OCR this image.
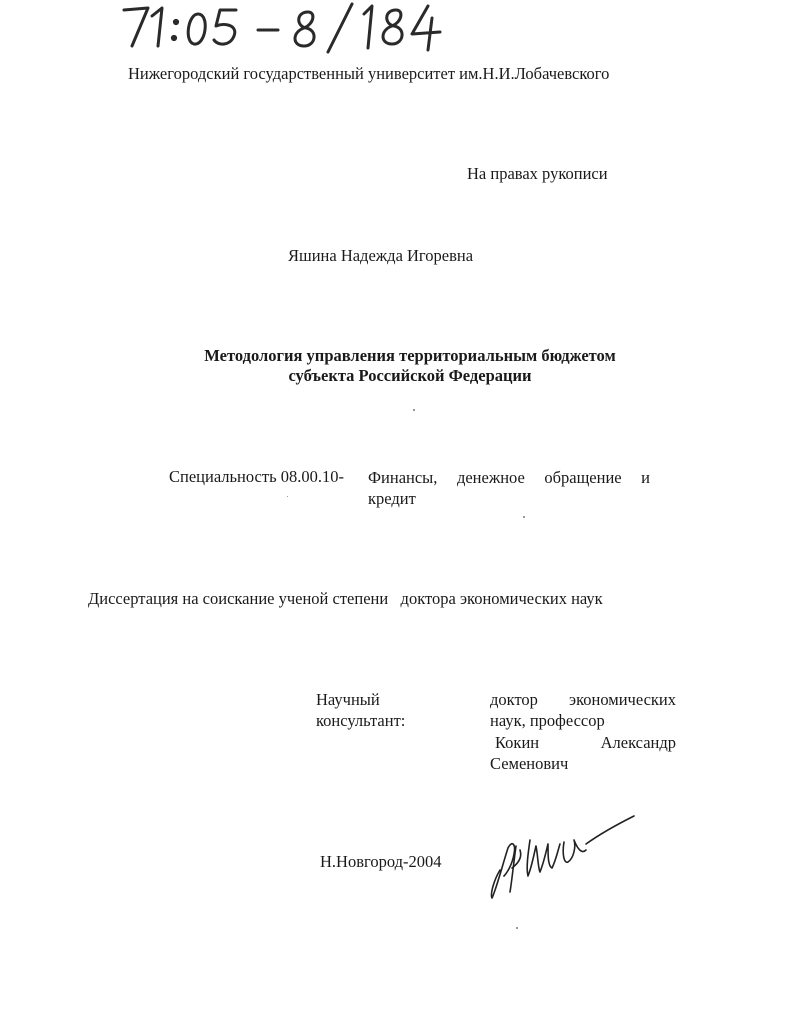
Нижегородский государственный университет им.Н.И.Лобачевского
На правах рукописи
Яшина Надежда Игоревна
Методология управления территориальным бюджетом
субъекта Российской Федерации
Специальность 08.00.10- Финансы, денежное обращение и
кредит
Диссертация на соискание ученой степени   доктора экономических наук
Научный
консультант:
доктор экономических
наук, профессор
Кокин Александр
Семенович
Н.Новгород-2004
